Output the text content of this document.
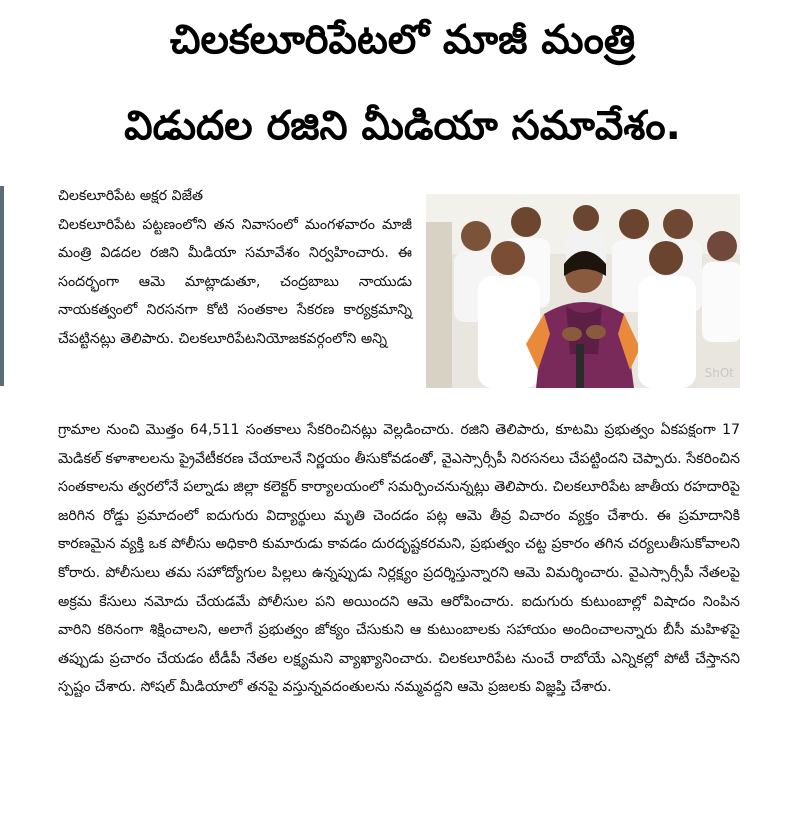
చిలకలూరిపేటలో మాజీ మంత్రి
విడుదల రజిని మీడియా సమావేశం.

చిలకలూరిపేట అక్షర విజేత

చిలకలూరిపేట పట్టణంలోని తన నివాసంలో మంగళవారం మాజీ మంత్రి విడదల రజిని మీడియా సమావేశం నిర్వహించారు. ఈ సందర్భంగా ఆమె మాట్లాడుతూ, చంద్రబాబు నాయుడు నాయకత్వంలో నిరసనగా కోటి సంతకాల సేకరణ కార్యక్రమాన్ని చేపట్టినట్లు తెలిపారు. చిలకలూరిపేటనియోజకవర్గంలోని అన్ని

ShOt

గ్రామాల నుంచి మొత్తం 64,511 సంతకాలు సేకరించినట్లు వెల్లడించారు. రజిని తెలిపారు, కూటమి ప్రభుత్వం ఏకపక్షంగా 17 మెడికల్ కళాశాలలను ప్రైవేటీకరణ చేయాలనే నిర్ణయం తీసుకోవడంతో, వైఎస్సార్సీపీ నిరసనలు చేపట్టిందని చెప్పారు. సేకరించిన సంతకాలను త్వరలోనే పల్నాడు జిల్లా కలెక్టర్ కార్యాలయంలో సమర్పించనున్నట్లు తెలిపారు. చిలకలూరిపేట జాతీయ రహదారిపై జరిగిన రోడ్డు ప్రమాదంలో ఐదుగురు విద్యార్థులు మృతి చెందడం పట్ల ఆమె తీవ్ర విచారం వ్యక్తం చేశారు. ఈ ప్రమాదానికి కారణమైన వ్యక్తి ఒక పోలీసు అధికారి కుమారుడు కావడం దురదృష్టకరమని, ప్రభుత్వం చట్ట ప్రకారం తగిన చర్యలుతీసుకోవాలని కోరారు. పోలీసులు తమ సహోద్యోగుల పిల్లలు ఉన్నప్పుడు నిర్లక్ష్యం ప్రదర్శిస్తున్నారని ఆమె విమర్శించారు. వైఎస్సార్సీపీ నేతలపై అక్రమ కేసులు నమోదు చేయడమే పోలీసుల పని అయిందని ఆమె ఆరోపించారు. ఐదుగురు కుటుంబాల్లో విషాదం నింపిన వారిని కఠినంగా శిక్షించాలని, అలాగే ప్రభుత్వం జోక్యం చేసుకుని ఆ కుటుంబాలకు సహాయం అందించాలన్నారు బీసీ మహిళపై తప్పుడు ప్రచారం చేయడం టీడీపీ నేతల లక్ష్యమని వ్యాఖ్యానించారు. చిలకలూరిపేట నుంచే రాబోయే ఎన్నికల్లో పోటీ చేస్తానని స్పష్టం చేశారు. సోషల్ మీడియాలో తనపై వస్తున్నవదంతులను నమ్మవద్దని ఆమె ప్రజలకు విజ్ఞప్తి చేశారు.
